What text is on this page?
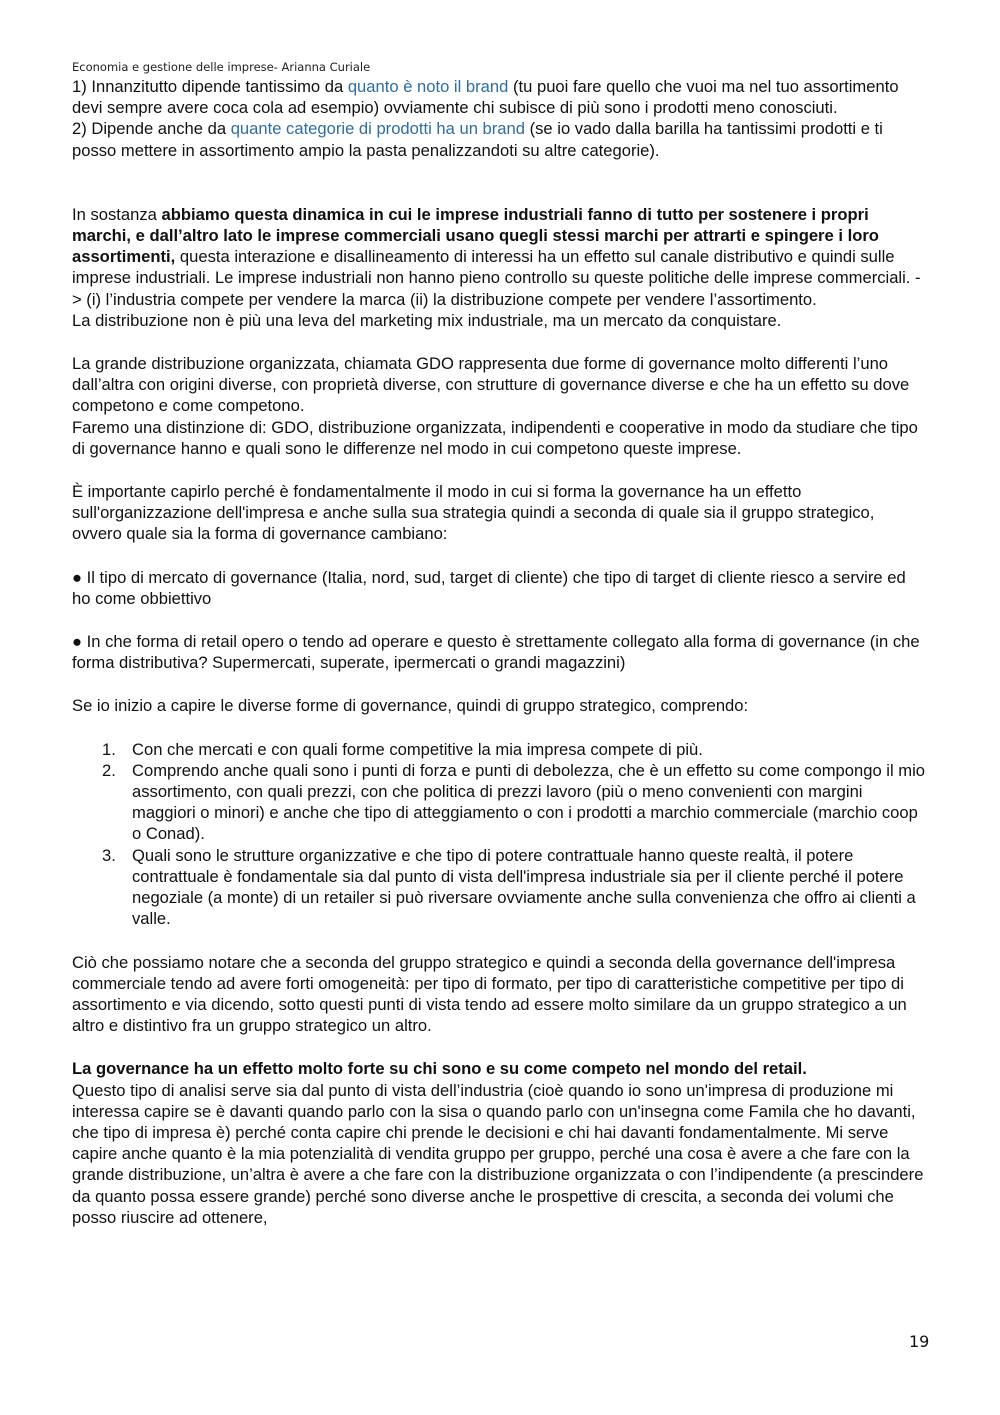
Economia e gestione delle imprese- Arianna Curiale

1) Innanzitutto dipende tantissimo da quanto è noto il brand (tu puoi fare quello che vuoi ma nel tuo assortimento devi sempre avere coca cola ad esempio) ovviamente chi subisce di più sono i prodotti meno conosciuti.

2) Dipende anche da quante categorie di prodotti ha un brand (se io vado dalla barilla ha tantissimi prodotti e ti posso mettere in assortimento ampio la pasta penalizzandoti su altre categorie).

In sostanza abbiamo questa dinamica in cui le imprese industriali fanno di tutto per sostenere i propri marchi, e dall’altro lato le imprese commerciali usano quegli stessi marchi per attrarti e spingere i loro assortimenti, questa interazione e disallineamento di interessi ha un effetto sul canale distributivo e quindi sulle imprese industriali. Le imprese industriali non hanno pieno controllo su queste politiche delle imprese commerciali. -> (i) l’industria compete per vendere la marca (ii) la distribuzione compete per vendere l’assortimento.

La distribuzione non è più una leva del marketing mix industriale, ma un mercato da conquistare.

La grande distribuzione organizzata, chiamata GDO rappresenta due forme di governance molto differenti l’uno dall’altra con origini diverse, con proprietà diverse, con strutture di governance diverse e che ha un effetto su dove competono e come competono.

Faremo una distinzione di: GDO, distribuzione organizzata, indipendenti e cooperative in modo da studiare che tipo di governance hanno e quali sono le differenze nel modo in cui competono queste imprese.

È importante capirlo perché è fondamentalmente il modo in cui si forma la governance ha un effetto sull'organizzazione dell'impresa e anche sulla sua strategia quindi a seconda di quale sia il gruppo strategico, ovvero quale sia la forma di governance cambiano:

● Il tipo di mercato di governance (Italia, nord, sud, target di cliente) che tipo di target di cliente riesco a servire ed ho come obbiettivo

● In che forma di retail opero o tendo ad operare e questo è strettamente collegato alla forma di governance (in che forma distributiva? Supermercati, superate, ipermercati o grandi magazzini)

Se io inizio a capire le diverse forme di governance, quindi di gruppo strategico, comprendo:

1. Con che mercati e con quali forme competitive la mia impresa compete di più.
2. Comprendo anche quali sono i punti di forza e punti di debolezza, che è un effetto su come compongo il mio assortimento, con quali prezzi, con che politica di prezzi lavoro (più o meno convenienti con margini maggiori o minori) e anche che tipo di atteggiamento o con i prodotti a marchio commerciale (marchio coop o Conad).
3. Quali sono le strutture organizzative e che tipo di potere contrattuale hanno queste realtà, il potere contrattuale è fondamentale sia dal punto di vista dell'impresa industriale sia per il cliente perché il potere negoziale (a monte) di un retailer si può riversare ovviamente anche sulla convenienza che offro ai clienti a valle.

Ciò che possiamo notare che a seconda del gruppo strategico e quindi a seconda della governance dell'impresa commerciale tendo ad avere forti omogeneità: per tipo di formato, per tipo di caratteristiche competitive per tipo di assortimento e via dicendo, sotto questi punti di vista tendo ad essere molto similare da un gruppo strategico a un altro e distintivo fra un gruppo strategico un altro.

La governance ha un effetto molto forte su chi sono e su come competo nel mondo del retail.
Questo tipo di analisi serve sia dal punto di vista dell’industria (cioè quando io sono un'impresa di produzione mi interessa capire se è davanti quando parlo con la sisa o quando parlo con un'insegna come Famila che ho davanti, che tipo di impresa è) perché conta capire chi prende le decisioni e chi hai davanti fondamentalmente. Mi serve capire anche quanto è la mia potenzialità di vendita gruppo per gruppo, perché una cosa è avere a che fare con la grande distribuzione, un’altra è avere a che fare con la distribuzione organizzata o con l’indipendente (a prescindere da quanto possa essere grande) perché sono diverse anche le prospettive di crescita, a seconda dei volumi che posso riuscire ad ottenere,

19
